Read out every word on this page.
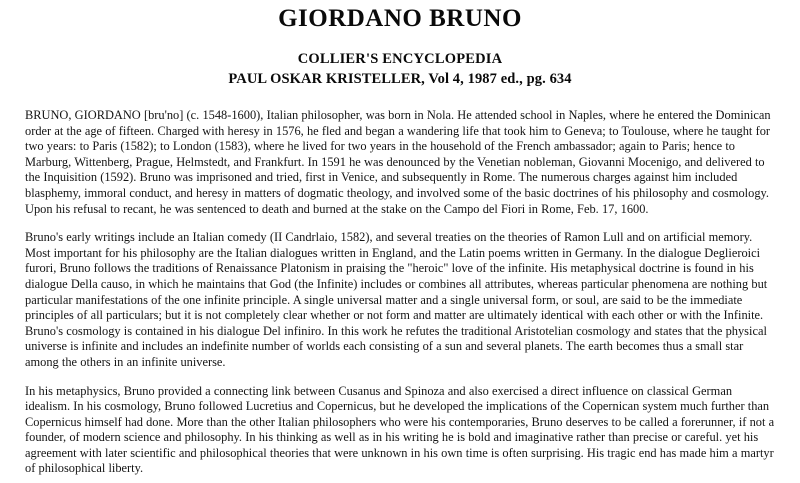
GIORDANO BRUNO
COLLIER'S ENCYCLOPEDIA
PAUL OSKAR KRISTELLER, Vol 4, 1987 ed., pg. 634

BRUNO, GIORDANO [bru'no] (c. 1548-1600), Italian philosopher, was born in Nola. He attended school in Naples, where he entered the Dominican order at the age of fifteen. Charged with heresy in 1576, he fled and began a wandering life that took him to Geneva; to Toulouse, where he taught for two years: to Paris (1582); to London (1583), where he lived for two years in the household of the French ambassador; again to Paris; hence to Marburg, Wittenberg, Prague, Helmstedt, and Frankfurt. In 1591 he was denounced by the Venetian nobleman, Giovanni Mocenigo, and delivered to the Inquisition (1592). Bruno was imprisoned and tried, first in Venice, and subsequently in Rome. The numerous charges against him included blasphemy, immoral conduct, and heresy in matters of dogmatic theology, and involved some of the basic doctrines of his philosophy and cosmology. Upon his refusal to recant, he was sentenced to death and burned at the stake on the Campo del Fiori in Rome, Feb. 17, 1600.

Bruno's early writings include an Italian comedy (II Candrlaio, 1582), and several treaties on the theories of Ramon Lull and on artificial memory. Most important for his philosophy are the Italian dialogues written in England, and the Latin poems written in Germany. In the dialogue Deglieroici furori, Bruno follows the traditions of Renaissance Platonism in praising the "heroic" love of the infinite. His metaphysical doctrine is found in his dialogue Della causo, in which he maintains that God (the Infinite) includes or combines all attributes, whereas particular phenomena are nothing but particular manifestations of the one infinite principle. A single universal matter and a single universal form, or soul, are said to be the immediate principles of all particulars; but it is not completely clear whether or not form and matter are ultimately identical with each other or with the Infinite. Bruno's cosmology is contained in his dialogue Del infiniro. In this work he refutes the traditional Aristotelian cosmology and states that the physical universe is infinite and includes an indefinite number of worlds each consisting of a sun and several planets. The earth becomes thus a small star among the others in an infinite universe.

In his metaphysics, Bruno provided a connecting link between Cusanus and Spinoza and also exercised a direct influence on classical German idealism. In his cosmology, Bruno followed Lucretius and Copernicus, but he developed the implications of the Copernican system much further than Copernicus himself had done. More than the other Italian philosophers who were his contemporaries, Bruno deserves to be called a forerunner, if not a founder, of modern science and philosophy. In his thinking as well as in his writing he is bold and imaginative rather than precise or careful. yet his agreement with later scientific and philosophical theories that were unknown in his own time is often surprising. His tragic end has made him a martyr of philosophical liberty.
